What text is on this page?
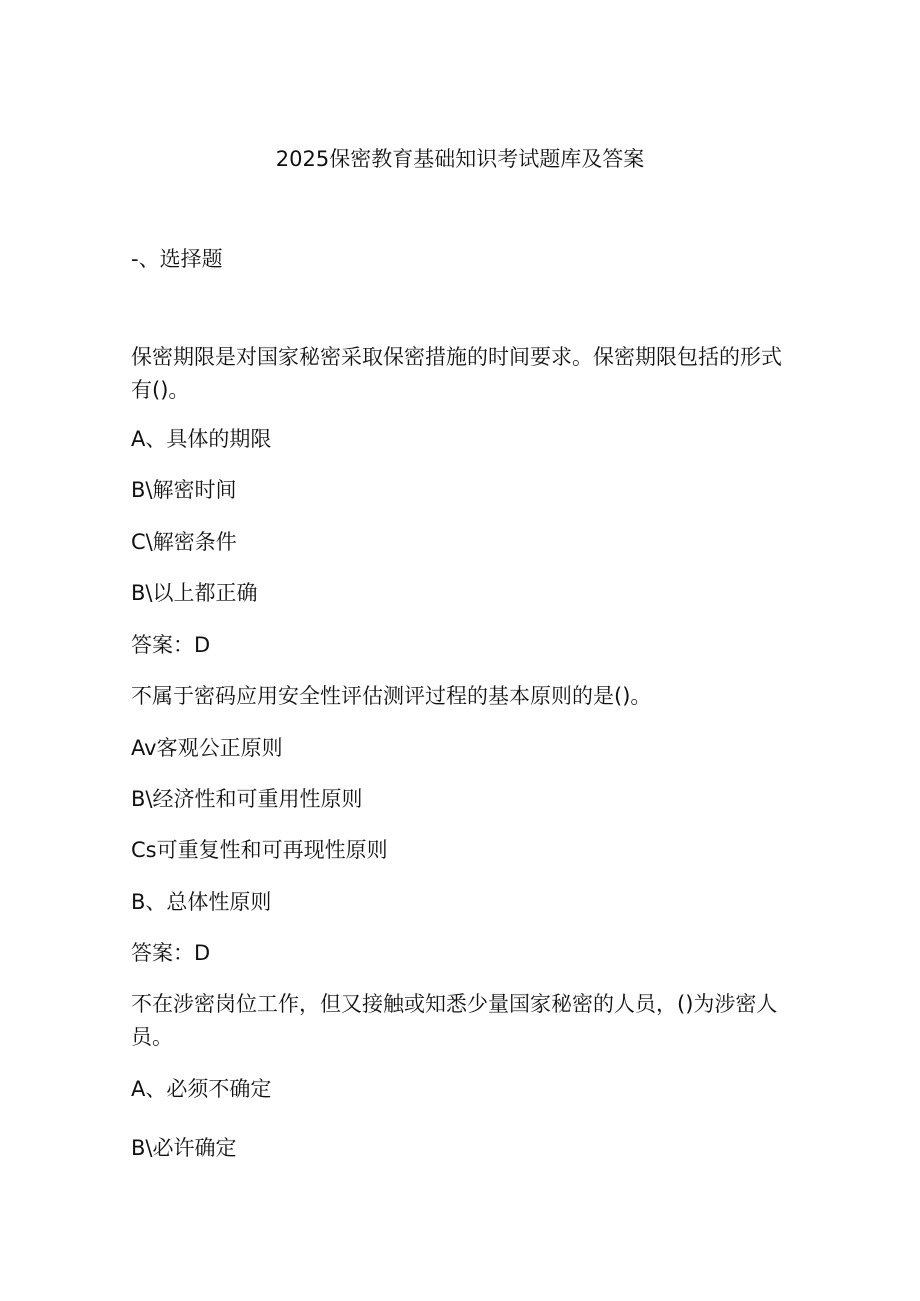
2025保密教育基础知识考试题库及答案
-、选择题
保密期限是对国家秘密采取保密措施的时间要求。保密期限包括的形式有()。
A、具体的期限
B\解密时间
C\解密条件
B\以上都正确
答案：D
不属于密码应用安全性评估测评过程的基本原则的是()。
Av客观公正原则
B\经济性和可重用性原则
Cs可重复性和可再现性原则
B、总体性原则
答案：D
不在涉密岗位工作，但又接触或知悉少量国家秘密的人员，()为涉密人员。
A、必须不确定
B\必许确定
